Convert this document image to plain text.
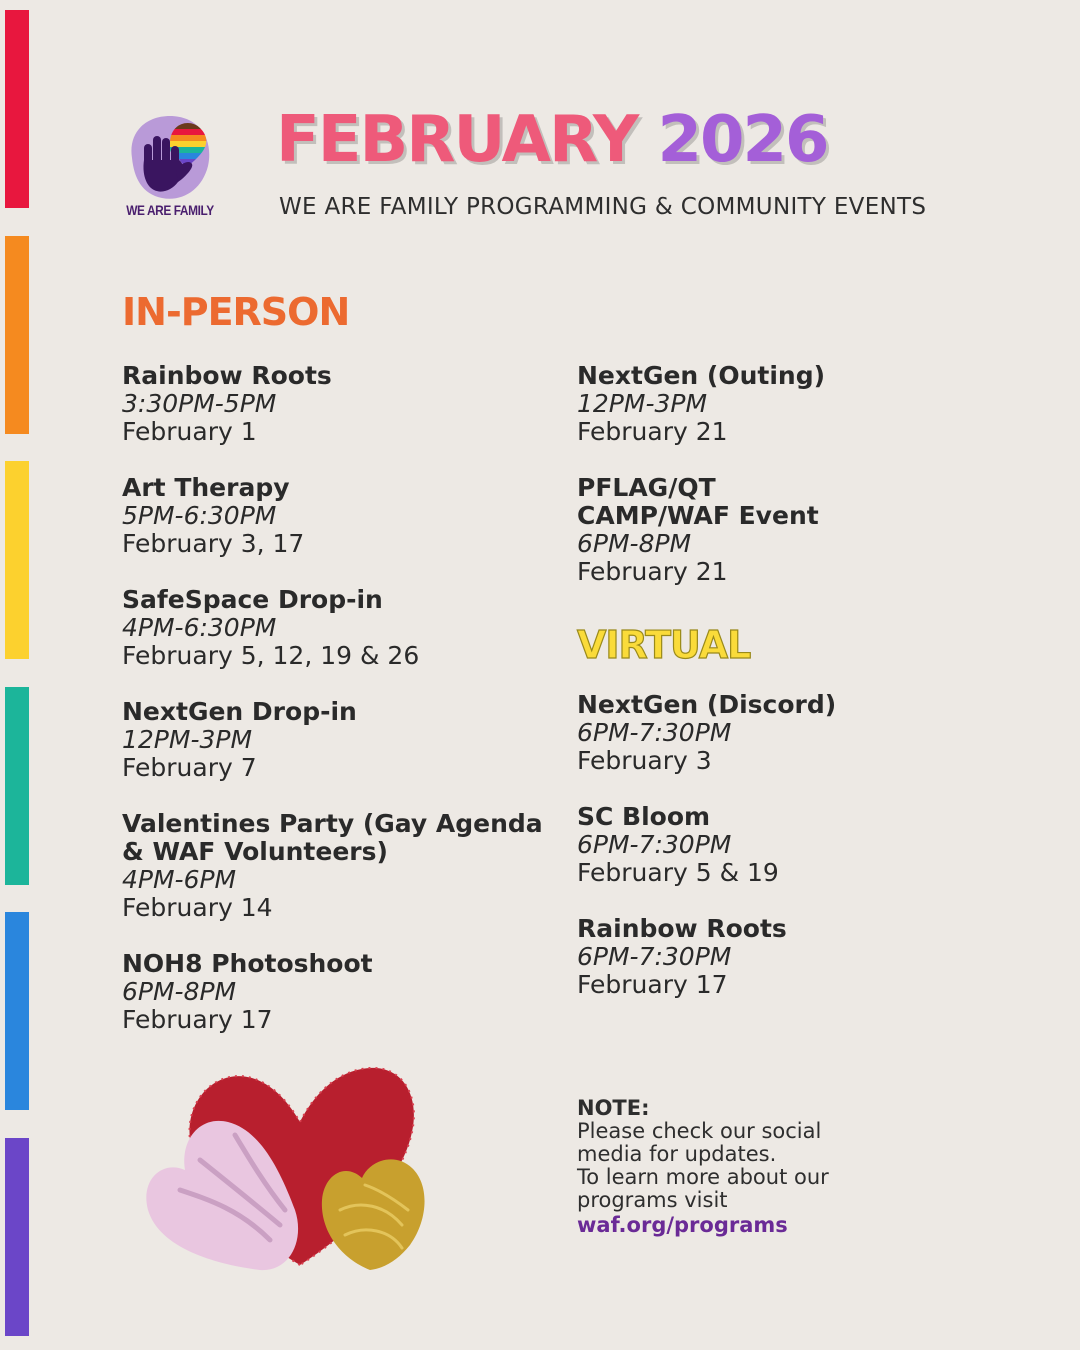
WE ARE FAMILY
FEBRUARY 2026
WE ARE FAMILY PROGRAMMING & COMMUNITY EVENTS
IN-PERSON
Rainbow Roots
3:30PM-5PM
February 1
Art Therapy
5PM-6:30PM
February 3, 17
SafeSpace Drop-in
4PM-6:30PM
February 5, 12, 19 & 26
NextGen Drop-in
12PM-3PM
February 7
Valentines Party (Gay Agenda
& WAF Volunteers)
4PM-6PM
February 14
NOH8 Photoshoot
6PM-8PM
February 17
NextGen (Outing)
12PM-3PM
February 21
PFLAG/QT
CAMP/WAF Event
6PM-8PM
February 21
VIRTUAL
NextGen (Discord)
6PM-7:30PM
February 3
SC Bloom
6PM-7:30PM
February 5 & 19
Rainbow Roots
6PM-7:30PM
February 17
NOTE:
Please check our social
media for updates.
To learn more about our
programs visit
waf.org/programs
